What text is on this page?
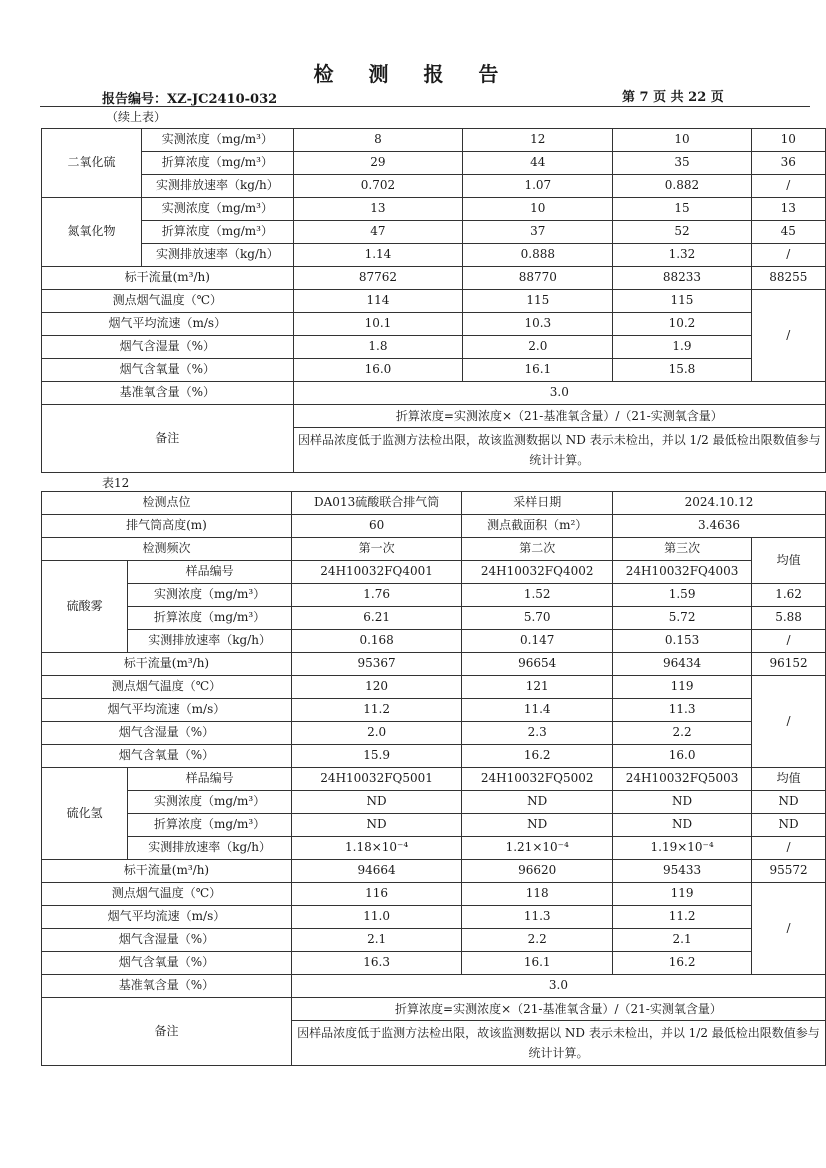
检 测 报 告
报告编号：XZ-JC2410-032	第 7 页 共 22 页
（续上表）
二氧化硫	实测浓度（mg/m³）	8	12	10	10
	折算浓度（mg/m³）	29	44	35	36
	实测排放速率（kg/h）	0.702	1.07	0.882	/
氮氧化物	实测浓度（mg/m³）	13	10	15	13
	折算浓度（mg/m³）	47	37	52	45
	实测排放速率（kg/h）	1.14	0.888	1.32	/
标干流量(m³/h)		87762	88770	88233	88255
测点烟气温度（℃）		114	115	115	/
烟气平均流速（m/s）		10.1	10.3	10.2	
烟气含湿量（%）		1.8	2.0	1.9	
烟气含氧量（%）		16.0	16.1	15.8	
基准氧含量（%）		3.0			
备注		折算浓度=实测浓度×（21-基准氧含量）/（21-实测氧含量）			
		因样品浓度低于监测方法检出限，故该监测数据以 ND 表示未检出，并以 1/2 最低检出限数值参与统计计算。			
表12
检测点位		DA013硫酸联合排气筒	采样日期	2024.10.12	
排气筒高度(m)		60	测点截面积（m²）	3.4636	
检测频次		第一次	第二次	第三次	均值
硫酸雾	样品编号	24H10032FQ4001	24H10032FQ4002	24H10032FQ4003	
	实测浓度（mg/m³）	1.76	1.52	1.59	1.62
	折算浓度（mg/m³）	6.21	5.70	5.72	5.88
	实测排放速率（kg/h）	0.168	0.147	0.153	/
标干流量(m³/h)		95367	96654	96434	96152
测点烟气温度（℃）		120	121	119	/
烟气平均流速（m/s）		11.2	11.4	11.3	
烟气含湿量（%）		2.0	2.3	2.2	
烟气含氧量（%）		15.9	16.2	16.0	
硫化氢	样品编号	24H10032FQ5001	24H10032FQ5002	24H10032FQ5003	均值
	实测浓度（mg/m³）	ND	ND	ND	ND
	折算浓度（mg/m³）	ND	ND	ND	ND
	实测排放速率（kg/h）	1.18×10⁻⁴	1.21×10⁻⁴	1.19×10⁻⁴	/
标干流量(m³/h)		94664	96620	95433	95572
测点烟气温度（℃）		116	118	119	/
烟气平均流速（m/s）		11.0	11.3	11.2	
烟气含湿量（%）		2.1	2.2	2.1	
烟气含氧量（%）		16.3	16.1	16.2	
基准氧含量（%）		3.0			
备注		折算浓度=实测浓度×（21-基准氧含量）/（21-实测氧含量）			
		因样品浓度低于监测方法检出限，故该监测数据以 ND 表示未检出，并以 1/2 最低检出限数值参与统计计算。			
